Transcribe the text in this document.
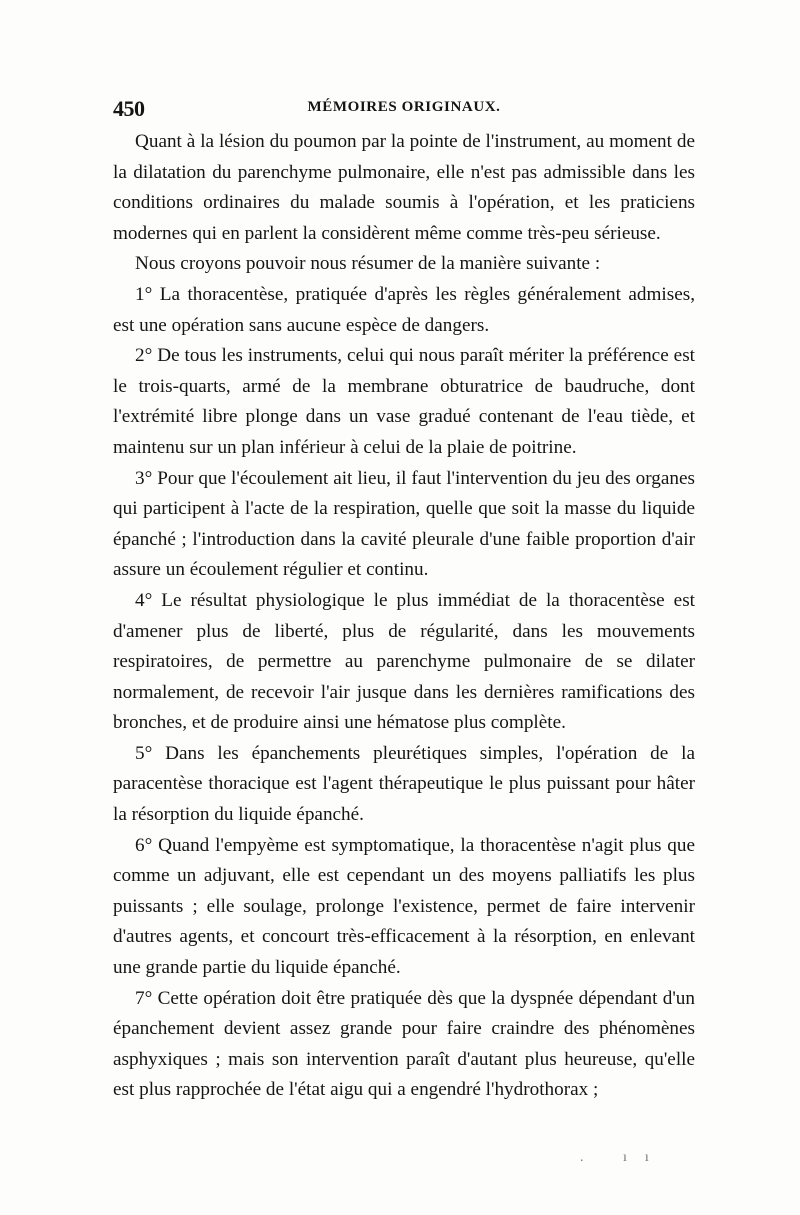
450	MÉMOIRES ORIGINAUX.

Quant à la lésion du poumon par la pointe de l'instrument, au moment de la dilatation du parenchyme pulmonaire, elle n'est pas admissible dans les conditions ordinaires du malade soumis à l'opération, et les praticiens modernes qui en parlent la considèrent même comme très-peu sérieuse.

Nous croyons pouvoir nous résumer de la manière suivante :

1° La thoracentèse, pratiquée d'après les règles généralement admises, est une opération sans aucune espèce de dangers.

2° De tous les instruments, celui qui nous paraît mériter la préférence est le trois-quarts, armé de la membrane obturatrice de baudruche, dont l'extrémité libre plonge dans un vase gradué contenant de l'eau tiède, et maintenu sur un plan inférieur à celui de la plaie de poitrine.

3° Pour que l'écoulement ait lieu, il faut l'intervention du jeu des organes qui participent à l'acte de la respiration, quelle que soit la masse du liquide épanché ; l'introduction dans la cavité pleurale d'une faible proportion d'air assure un écoulement régulier et continu.

4° Le résultat physiologique le plus immédiat de la thoracentèse est d'amener plus de liberté, plus de régularité, dans les mouvements respiratoires, de permettre au parenchyme pulmonaire de se dilater normalement, de recevoir l'air jusque dans les dernières ramifications des bronches, et de produire ainsi une hématose plus complète.

5° Dans les épanchements pleurétiques simples, l'opération de la paracentèse thoracique est l'agent thérapeutique le plus puissant pour hâter la résorption du liquide épanché.

6° Quand l'empyème est symptomatique, la thoracentèse n'agit plus que comme un adjuvant, elle est cependant un des moyens palliatifs les plus puissants ; elle soulage, prolonge l'existence, permet de faire intervenir d'autres agents, et concourt très-efficacement à la résorption, en enlevant une grande partie du liquide épanché.

7° Cette opération doit être pratiquée dès que la dyspnée dépendant d'un épanchement devient assez grande pour faire craindre des phénomènes asphyxiques ; mais son intervention paraît d'autant plus heureuse, qu'elle est plus rapprochée de l'état aigu qui a engendré l'hydrothorax ;

. ıı
